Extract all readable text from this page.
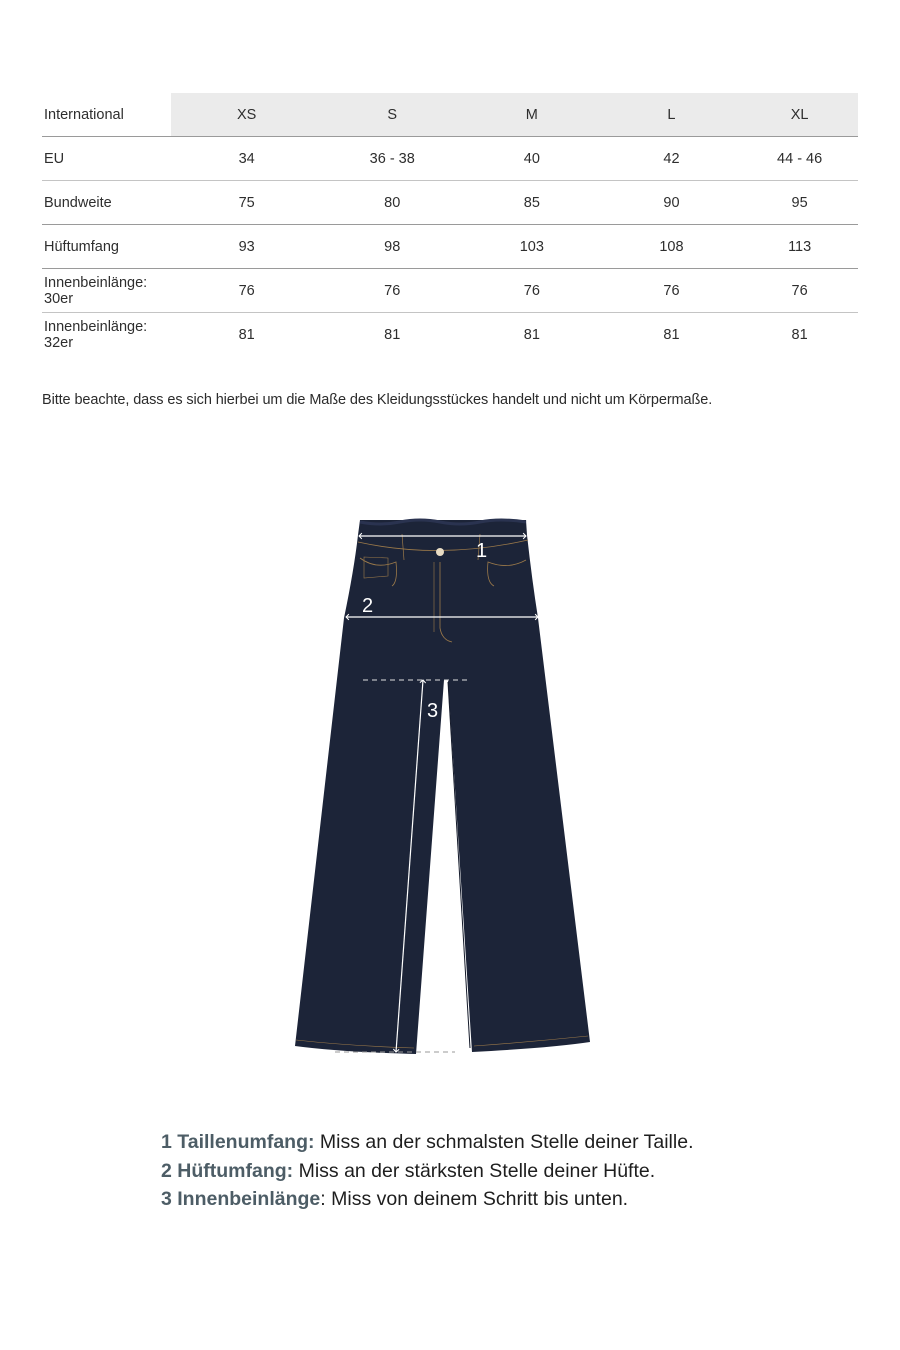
International	XS	S	M	L	XL
EU	34	36 - 38	40	42	44 - 46
Bundweite	75	80	85	90	95
Hüftumfang	93	98	103	108	113
Innenbeinlänge: 30er	76	76	76	76	76
Innenbeinlänge: 32er	81	81	81	81	81
Bitte beachte, dass es sich hierbei um die Maße des Kleidungsstückes handelt und nicht um Körpermaße.
1
2
3
1 Taillenumfang: Miss an der schmalsten Stelle deiner Taille.
2 Hüftumfang: Miss an der stärksten Stelle deiner Hüfte.
3 Innenbeinlänge: Miss von deinem Schritt bis unten.
